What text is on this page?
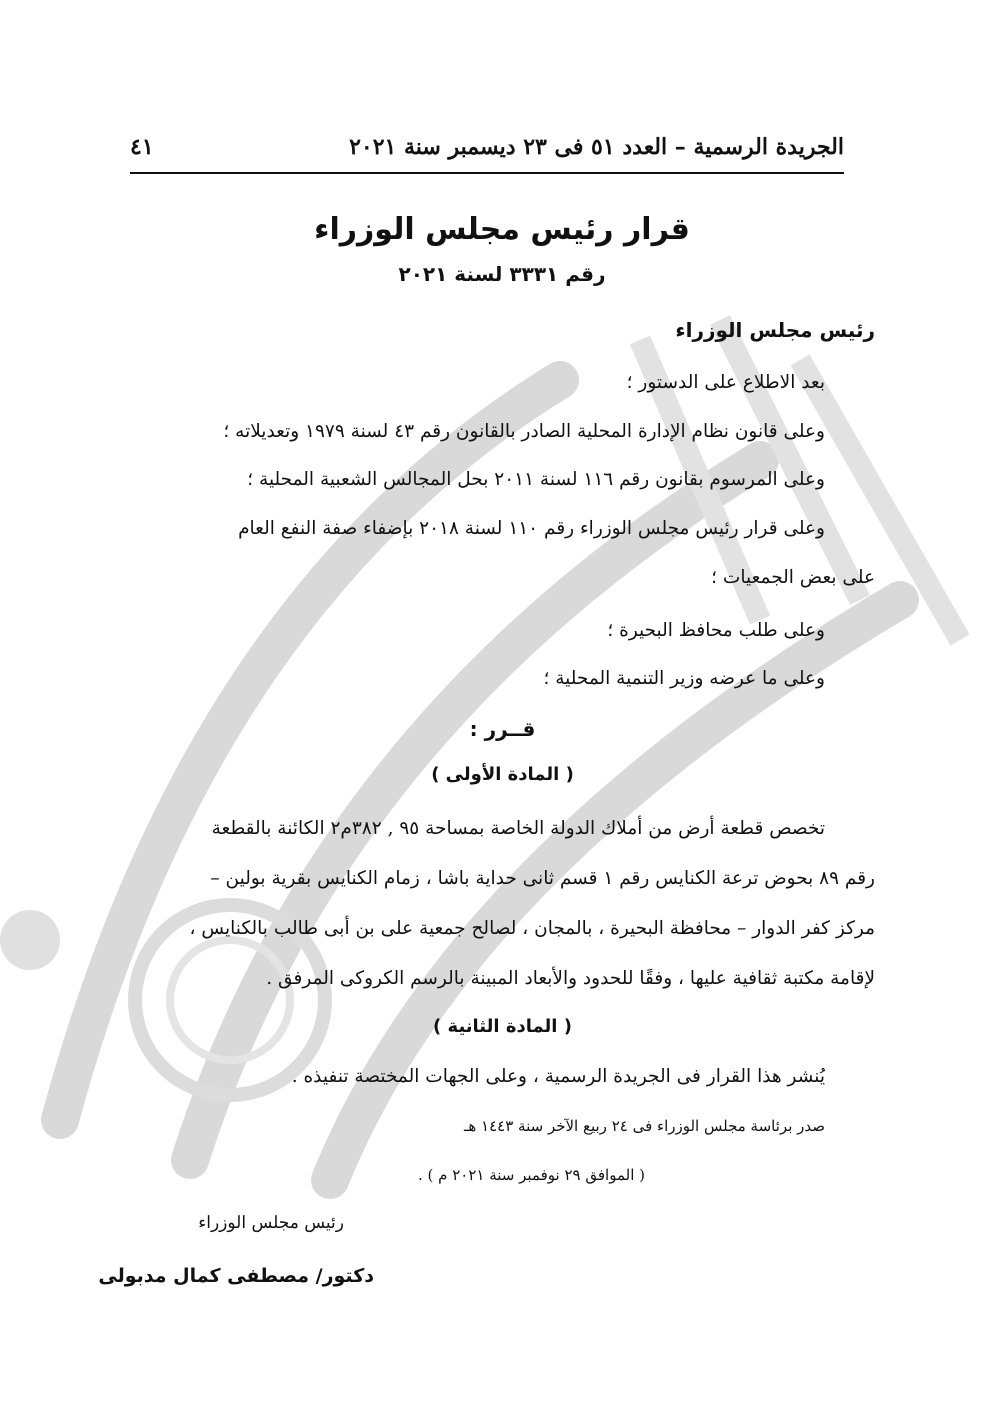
الجريدة الرسمية – العدد ٥١ فى ٢٣ ديسمبر سنة ٢٠٢١
٤١
قرار رئيس مجلس الوزراء
رقم ٣٣٣١ لسنة ٢٠٢١
رئيس مجلس الوزراء
بعد الاطلاع على الدستور ؛
وعلى قانون نظام الإدارة المحلية الصادر بالقانون رقم ٤٣ لسنة ١٩٧٩ وتعديلاته ؛
وعلى المرسوم بقانون رقم ١١٦ لسنة ٢٠١١ بحل المجالس الشعبية المحلية ؛
وعلى قرار رئيس مجلس الوزراء رقم ١١٠ لسنة ٢٠١٨ بإضفاء صفة النفع العام
على بعض الجمعيات ؛
وعلى طلب محافظ البحيرة ؛
وعلى ما عرضه وزير التنمية المحلية ؛
قــرر :
( المادة الأولى )
تخصص قطعة أرض من أملاك الدولة الخاصة بمساحة ٩٥ , ٣٨٢م٢ الكائنة بالقطعة
رقم ٨٩ بحوض ترعة الكنايس رقم ١ قسم ثانى حداية باشا ، زمام الكنايس بقرية بولين –
مركز كفر الدوار – محافظة البحيرة ، بالمجان ، لصالح جمعية على بن أبى طالب بالكنايس ،
لإقامة مكتبة ثقافية عليها ، وفقًا للحدود والأبعاد المبينة بالرسم الكروكى المرفق .
( المادة الثانية )
يُنشر هذا القرار فى الجريدة الرسمية ، وعلى الجهات المختصة تنفيذه .
صدر برئاسة مجلس الوزراء فى ٢٤ ربيع الآخر سنة ١٤٤٣ هـ
( الموافق ٢٩ نوفمبر سنة ٢٠٢١ م ) .
رئيس مجلس الوزراء
دكتور/ مصطفى كمال مدبولى
